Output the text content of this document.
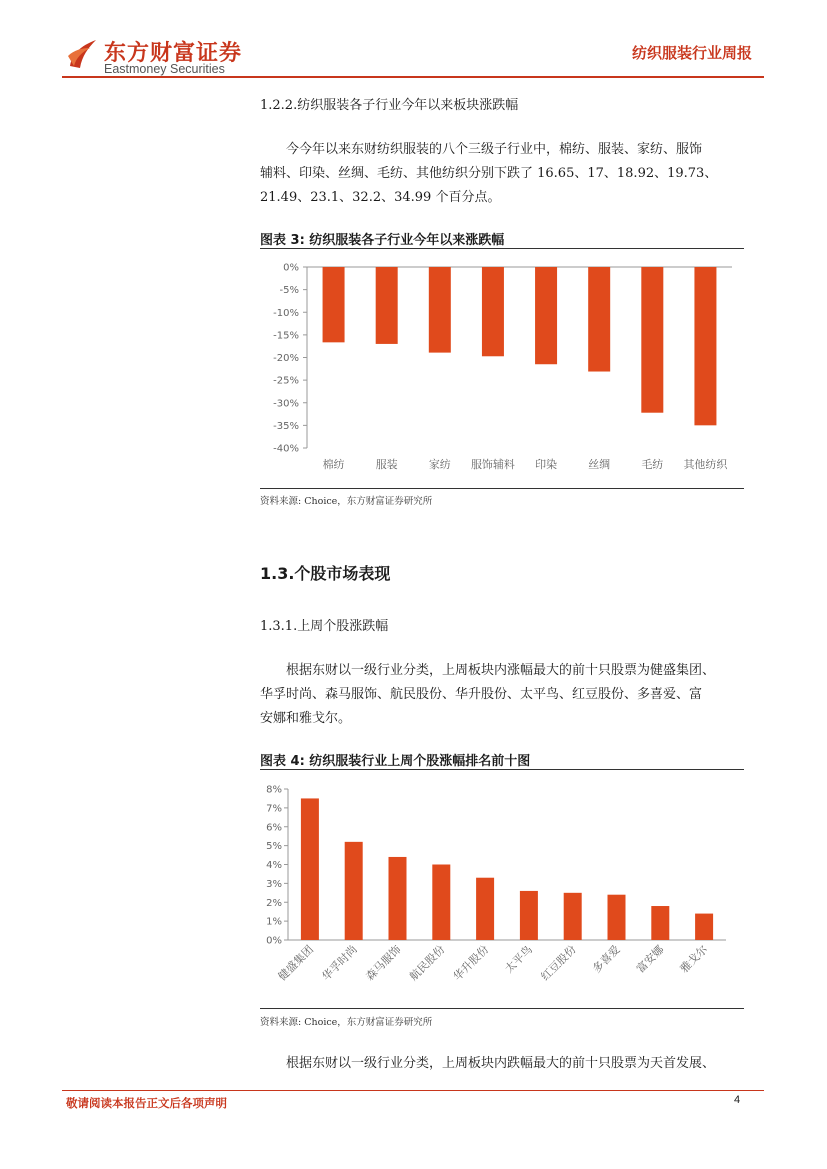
东方财富证券
Eastmoney Securities
纺织服装行业周报
1.2.2.纺织服装各子行业今年以来板块涨跌幅
今今年以来东财纺织服装的八个三级子行业中，棉纺、服装、家纺、服饰
辅料、印染、丝绸、毛纺、其他纺织分别下跌了 16.65、17、18.92、19.73、
21.49、23.1、32.2、34.99 个百分点。
图表 3: 纺织服装各子行业今年以来涨跌幅
0%
-5%
-10%
-15%
-20%
-25%
-30%
-35%
-40%
棉纺	服装	家纺 服饰辅料 印染	丝绸	毛纺 其他纺织
资料来源: Choice，东方财富证券研究所
1.3.个股市场表现
1.3.1.上周个股涨跌幅
根据东财以一级行业分类，上周板块内涨幅最大的前十只股票为健盛集团、
华孚时尚、森马服饰、航民股份、华升股份、太平鸟、红豆股份、多喜爱、富
安娜和雅戈尔。
图表 4: 纺织服装行业上周个股涨幅排名前十图
0%
1%
2%
3%
4%
5%
6%
7%
8%
健盛集团 华孚时尚 森马服饰 航民股份 华升股份 太平鸟 红豆股份 多喜爱 富安娜 雅戈尔
资料来源: Choice，东方财富证券研究所
根据东财以一级行业分类，上周板块内跌幅最大的前十只股票为天首发展、
敬请阅读本报告正文后各项声明	4
